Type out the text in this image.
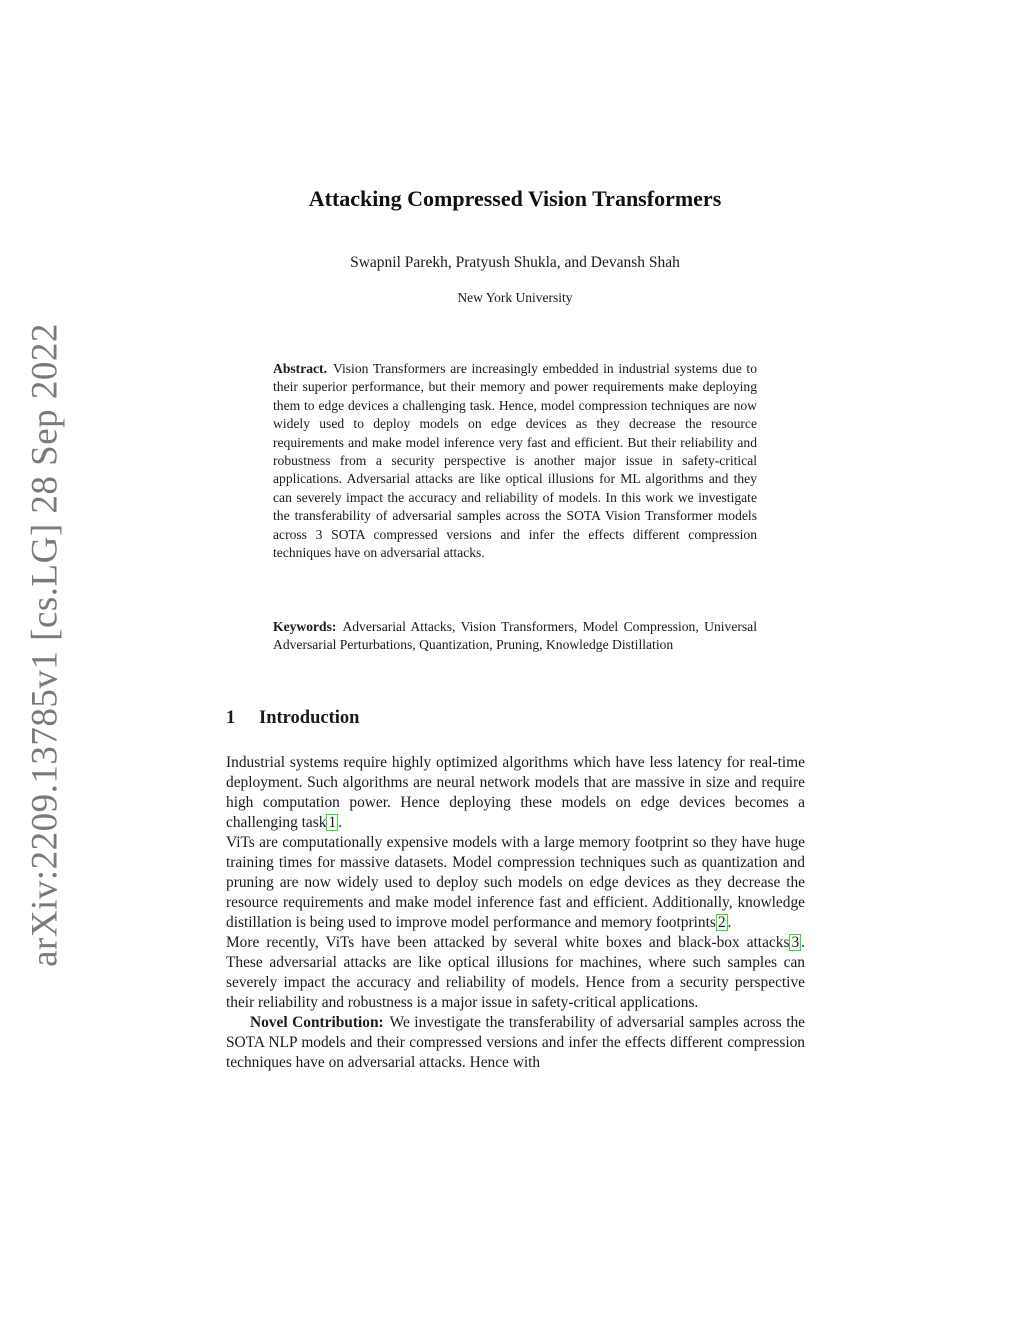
arXiv:2209.13785v1 [cs.LG] 28 Sep 2022
Attacking Compressed Vision Transformers
Swapnil Parekh, Pratyush Shukla, and Devansh Shah
New York University
Abstract. Vision Transformers are increasingly embedded in industrial systems due to their superior performance, but their memory and power requirements make deploying them to edge devices a challenging task. Hence, model compression techniques are now widely used to deploy models on edge devices as they decrease the resource requirements and make model inference very fast and efficient. But their reliability and robustness from a security perspective is another major issue in safety-critical applications. Adversarial attacks are like optical illusions for ML algorithms and they can severely impact the accuracy and reliability of models. In this work we investigate the transferability of adversarial samples across the SOTA Vision Transformer models across 3 SOTA compressed versions and infer the effects different compression techniques have on adversarial attacks.
Keywords: Adversarial Attacks, Vision Transformers, Model Compression, Universal Adversarial Perturbations, Quantization, Pruning, Knowledge Distillation
1 Introduction

Industrial systems require highly optimized algorithms which have less latency for real-time deployment. Such algorithms are neural network models that are massive in size and require high computation power. Hence deploying these models on edge devices becomes a challenging task 1 .

ViTs are computationally expensive models with a large memory footprint so they have huge training times for massive datasets. Model compression techniques such as quantization and pruning are now widely used to deploy such models on edge devices as they decrease the resource requirements and make model inference fast and efficient. Additionally, knowledge distillation is being used to improve model performance and memory footprints 2 .

More recently, ViTs have been attacked by several white boxes and black-box attacks 3 . These adversarial attacks are like optical illusions for machines, where such samples can severely impact the accuracy and reliability of models. Hence from a security perspective their reliability and robustness is a major issue in safety-critical applications.

Novel Contribution: We investigate the transferability of adversarial samples across the SOTA NLP models and their compressed versions and infer the effects different compression techniques have on adversarial attacks. Hence with
